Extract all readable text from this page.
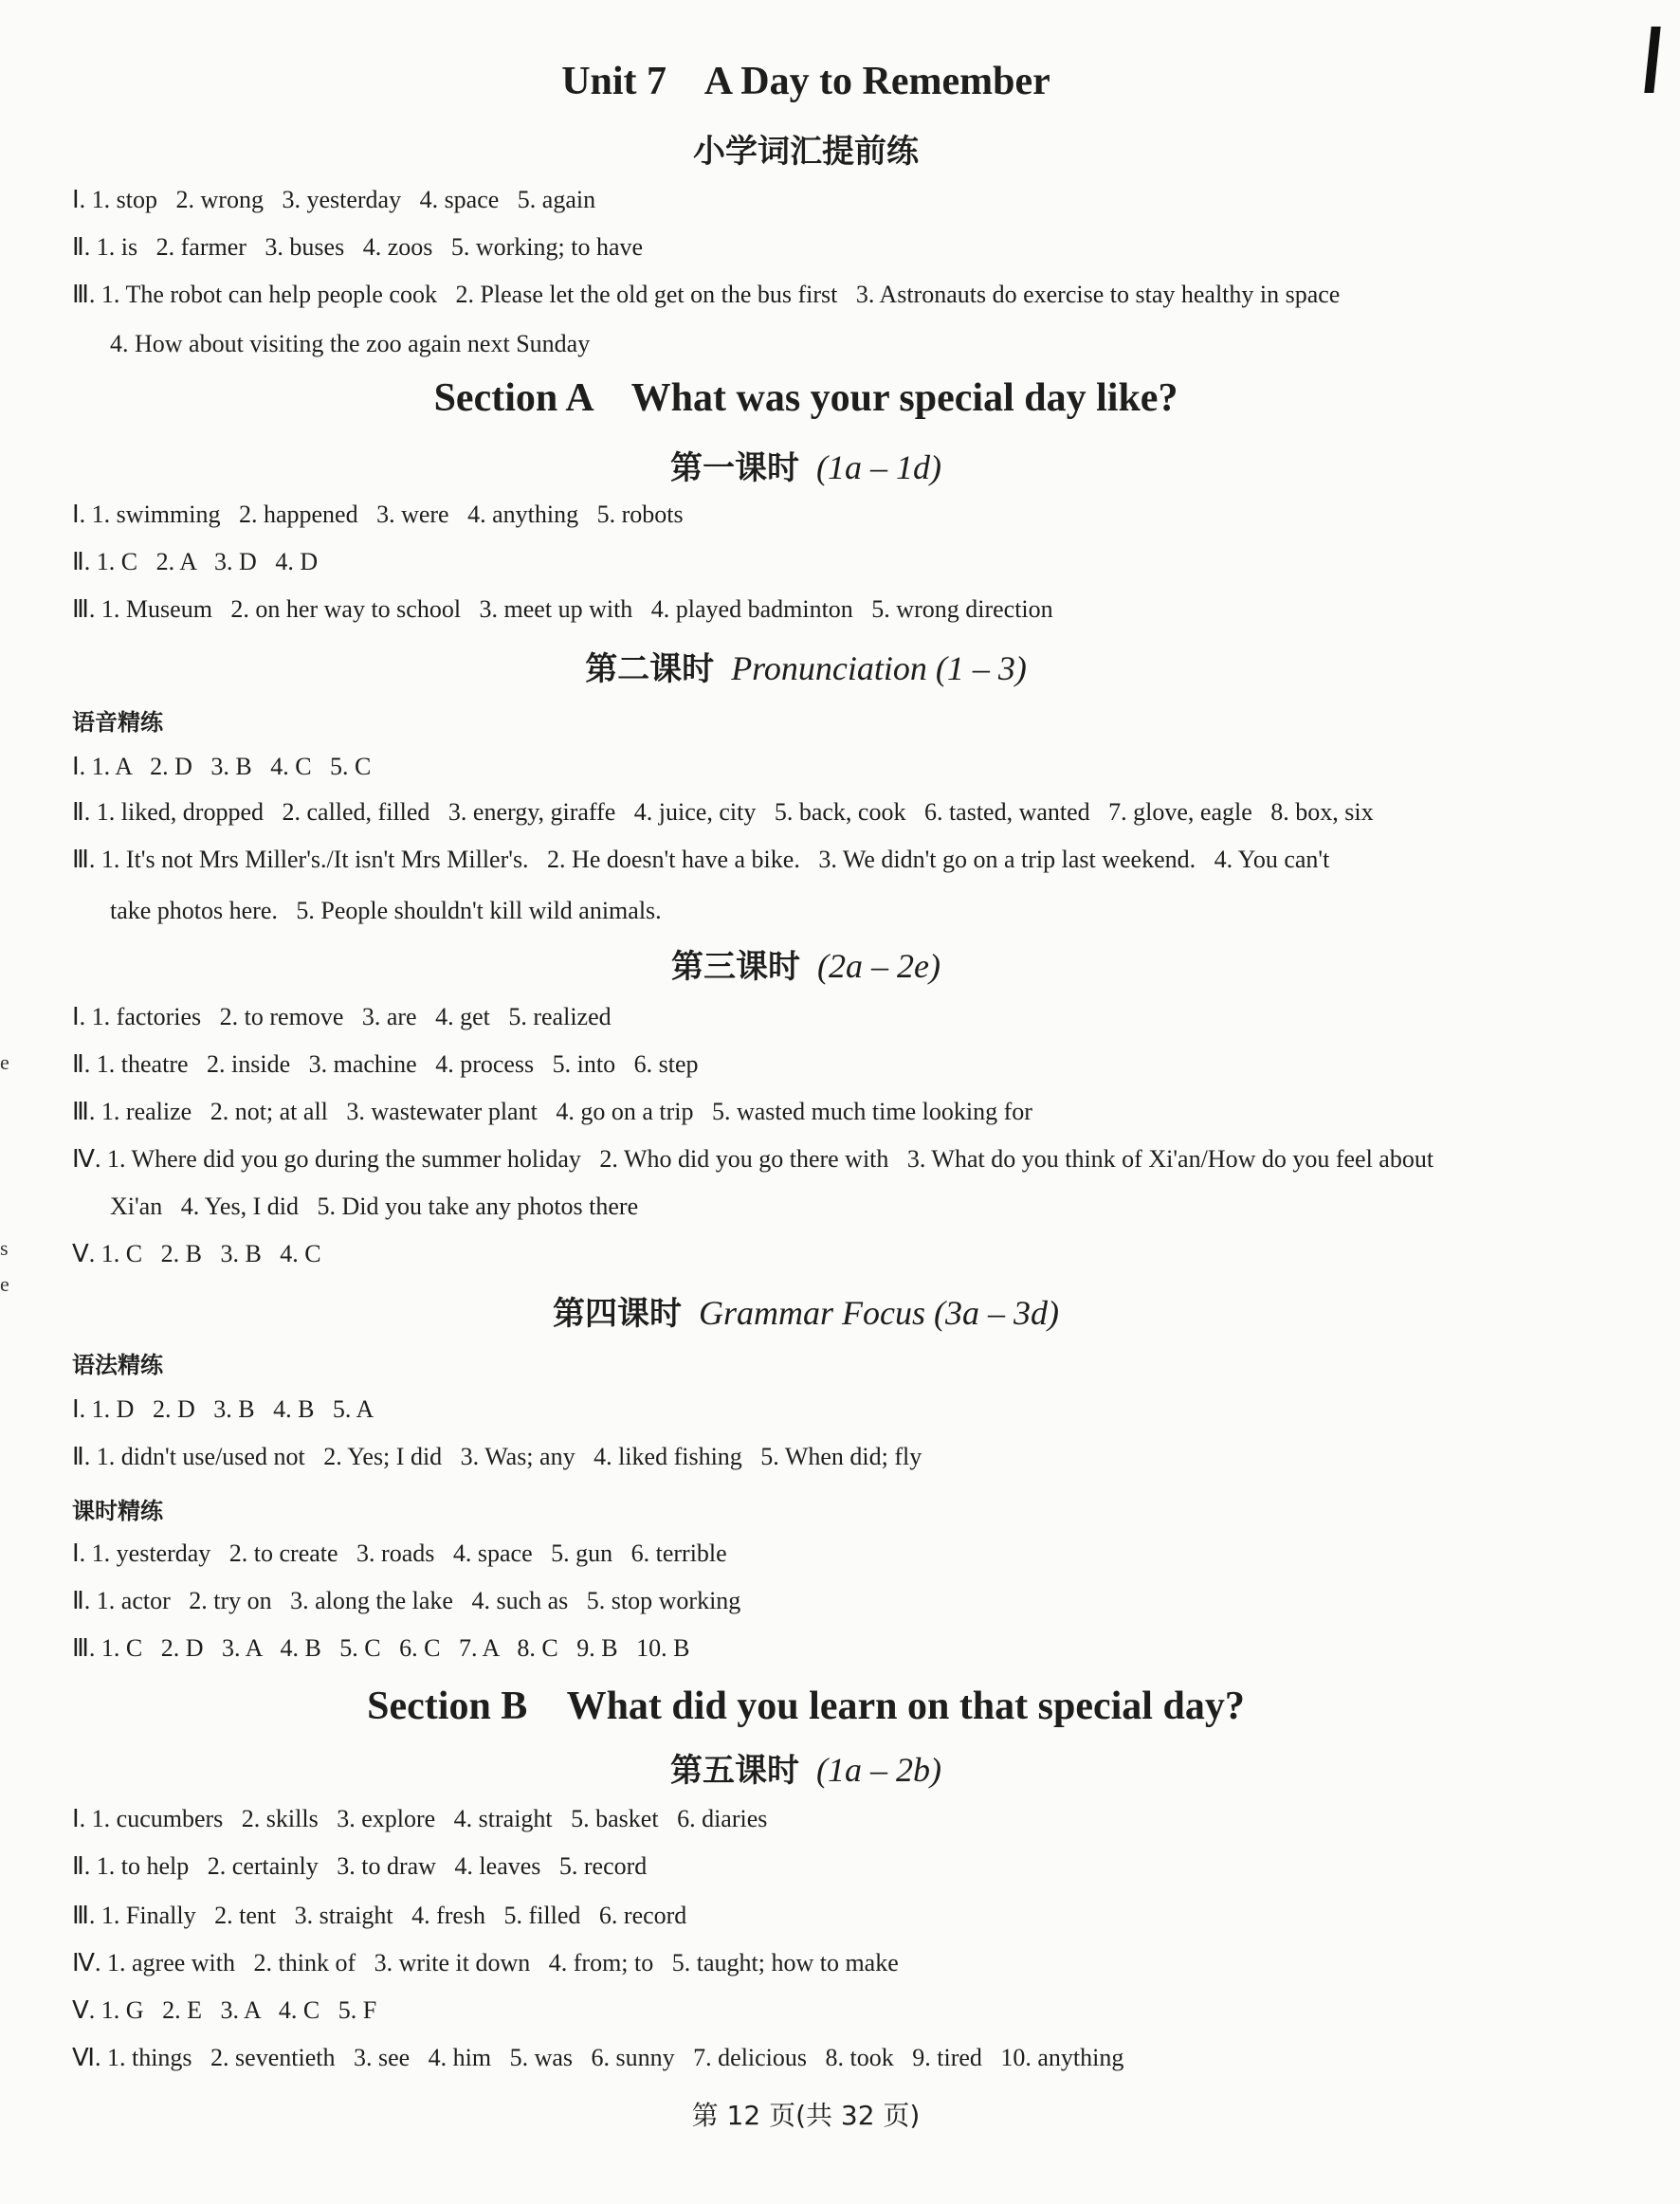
e
s
e
Unit 7    A Day to Remember
小学词汇提前练
Ⅰ. 1. stop   2. wrong   3. yesterday   4. space   5. again
Ⅱ. 1. is   2. farmer   3. buses   4. zoos   5. working; to have
Ⅲ. 1. The robot can help people cook   2. Please let the old get on the bus first   3. Astronauts do exercise to stay healthy in space
4. How about visiting the zoo again next Sunday
Section A    What was your special day like?
第一课时  (1a – 1d)
Ⅰ. 1. swimming   2. happened   3. were   4. anything   5. robots
Ⅱ. 1. C   2. A   3. D   4. D
Ⅲ. 1. Museum   2. on her way to school   3. meet up with   4. played badminton   5. wrong direction
第二课时  Pronunciation (1 – 3)
语音精练
Ⅰ. 1. A   2. D   3. B   4. C   5. C
Ⅱ. 1. liked, dropped   2. called, filled   3. energy, giraffe   4. juice, city   5. back, cook   6. tasted, wanted   7. glove, eagle   8. box, six
Ⅲ. 1. It's not Mrs Miller's./It isn't Mrs Miller's.   2. He doesn't have a bike.   3. We didn't go on a trip last weekend.   4. You can't
take photos here.   5. People shouldn't kill wild animals.
第三课时  (2a – 2e)
Ⅰ. 1. factories   2. to remove   3. are   4. get   5. realized
Ⅱ. 1. theatre   2. inside   3. machine   4. process   5. into   6. step
Ⅲ. 1. realize   2. not; at all   3. wastewater plant   4. go on a trip   5. wasted much time looking for
Ⅳ. 1. Where did you go during the summer holiday   2. Who did you go there with   3. What do you think of Xi'an/How do you feel about
Xi'an   4. Yes, I did   5. Did you take any photos there
Ⅴ. 1. C   2. B   3. B   4. C
第四课时  Grammar Focus (3a – 3d)
语法精练
Ⅰ. 1. D   2. D   3. B   4. B   5. A
Ⅱ. 1. didn't use/used not   2. Yes; I did   3. Was; any   4. liked fishing   5. When did; fly
课时精练
Ⅰ. 1. yesterday   2. to create   3. roads   4. space   5. gun   6. terrible
Ⅱ. 1. actor   2. try on   3. along the lake   4. such as   5. stop working
Ⅲ. 1. C   2. D   3. A   4. B   5. C   6. C   7. A   8. C   9. B   10. B
Section B    What did you learn on that special day?
第五课时  (1a – 2b)
Ⅰ. 1. cucumbers   2. skills   3. explore   4. straight   5. basket   6. diaries
Ⅱ. 1. to help   2. certainly   3. to draw   4. leaves   5. record
Ⅲ. 1. Finally   2. tent   3. straight   4. fresh   5. filled   6. record
Ⅳ. 1. agree with   2. think of   3. write it down   4. from; to   5. taught; how to make
Ⅴ. 1. G   2. E   3. A   4. C   5. F
Ⅵ. 1. things   2. seventieth   3. see   4. him   5. was   6. sunny   7. delicious   8. took   9. tired   10. anything
第 12 页(共 32 页)
